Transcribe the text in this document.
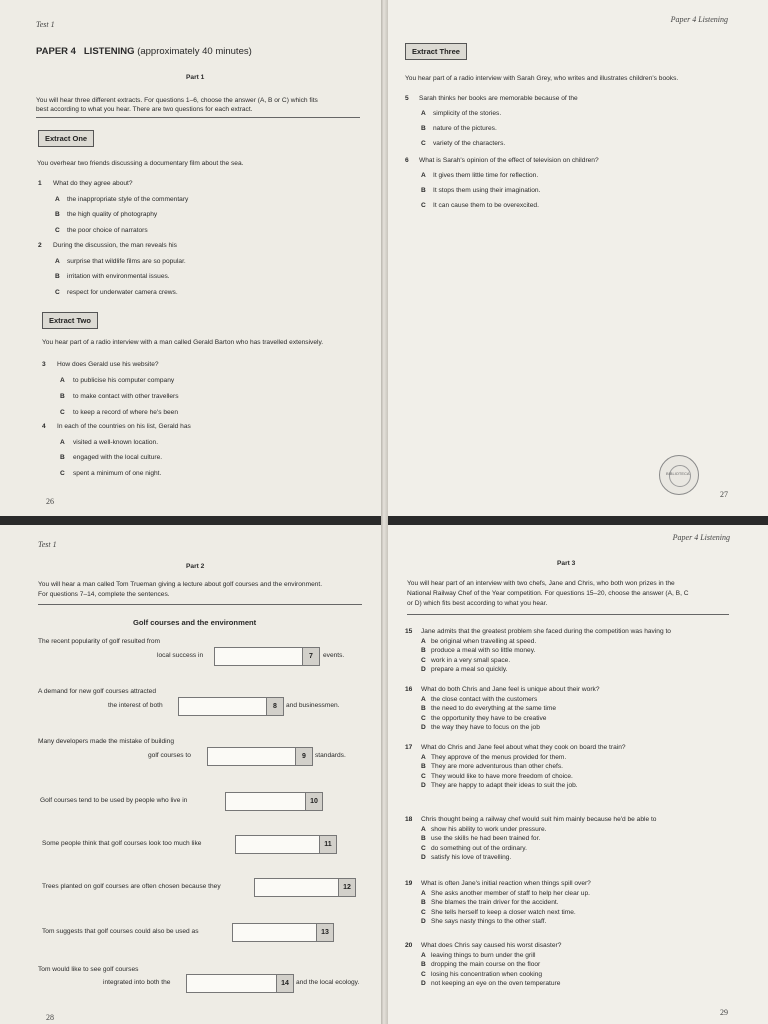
Test 1
PAPER 4 LISTENING (approximately 40 minutes)
Part 1
You will hear three different extracts. For questions 1–6, choose the answer (A, B or C) which fits
best according to what you hear. There are two questions for each extract.
Extract One
You overhear two friends discussing a documentary film about the sea.
1 What do they agree about?
A the inappropriate style of the commentary
B the high quality of photography
C the poor choice of narrators
2 During the discussion, the man reveals his
A surprise that wildlife films are so popular.
B irritation with environmental issues.
C respect for underwater camera crews.
Extract Two
You hear part of a radio interview with a man called Gerald Barton who has travelled extensively.
3 How does Gerald use his website?
A to publicise his computer company
B to make contact with other travellers
C to keep a record of where he's been
4 In each of the countries on his list, Gerald has
A visited a well-known location.
B engaged with the local culture.
C spent a minimum of one night.
26
Paper 4 Listening
Extract Three
You hear part of a radio interview with Sarah Grey, who writes and illustrates children's books.
5 Sarah thinks her books are memorable because of the
A simplicity of the stories.
B nature of the pictures.
C variety of the characters.
6 What is Sarah's opinion of the effect of television on children?
A It gives them little time for reflection.
B It stops them using their imagination.
C It can cause them to be overexcited.
BIBLIOTECA
27
Test 1
Part 2
You will hear a man called Tom Trueman giving a lecture about golf courses and the environment.
For questions 7–14, complete the sentences.
Golf courses and the environment
The recent popularity of golf resulted from
local success in	7	events.
A demand for new golf courses attracted
the interest of both	8	and businessmen.
Many developers made the mistake of building
golf courses to	9	standards.
Golf courses tend to be used by people who live in	10
Some people think that golf courses look too much like	11
Trees planted on golf courses are often chosen because they	12
Tom suggests that golf courses could also be used as	13
Tom would like to see golf courses
integrated into both the	14	and the local ecology.
28
Paper 4 Listening
Part 3
You will hear part of an interview with two chefs, Jane and Chris, who both won prizes in the
National Railway Chef of the Year competition. For questions 15–20, choose the answer (A, B, C
or D) which fits best according to what you hear.
15 Jane admits that the greatest problem she faced during the competition was having to
A be original when travelling at speed.
B produce a meal with so little money.
C work in a very small space.
D prepare a meal so quickly.
16 What do both Chris and Jane feel is unique about their work?
A the close contact with the customers
B the need to do everything at the same time
C the opportunity they have to be creative
D the way they have to focus on the job
17 What do Chris and Jane feel about what they cook on board the train?
A They approve of the menus provided for them.
B They are more adventurous than other chefs.
C They would like to have more freedom of choice.
D They are happy to adapt their ideas to suit the job.
18 Chris thought being a railway chef would suit him mainly because he'd be able to
A show his ability to work under pressure.
B use the skills he had been trained for.
C do something out of the ordinary.
D satisfy his love of travelling.
19 What is often Jane's initial reaction when things spill over?
A She asks another member of staff to help her clear up.
B She blames the train driver for the accident.
C She tells herself to keep a closer watch next time.
D She says nasty things to the other staff.
20 What does Chris say caused his worst disaster?
A leaving things to burn under the grill
B dropping the main course on the floor
C losing his concentration when cooking
D not keeping an eye on the oven temperature
29
